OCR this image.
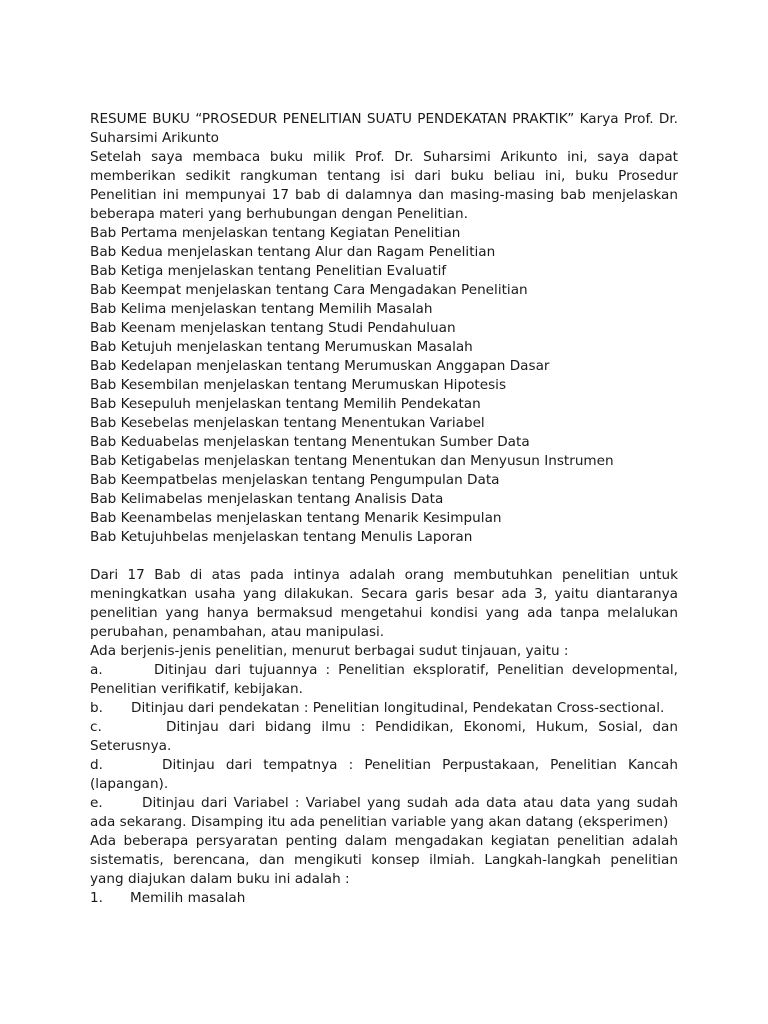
RESUME BUKU “PROSEDUR PENELITIAN SUATU PENDEKATAN PRAKTIK” Karya Prof. Dr. Suharsimi Arikunto

Setelah saya membaca buku milik Prof. Dr. Suharsimi Arikunto ini, saya dapat memberikan sedikit rangkuman tentang isi dari buku beliau ini, buku Prosedur Penelitian ini mempunyai 17 bab di dalamnya dan masing-masing bab menjelaskan beberapa materi yang berhubungan dengan Penelitian.

Bab Pertama menjelaskan tentang Kegiatan Penelitian

Bab Kedua menjelaskan tentang Alur dan Ragam Penelitian

Bab Ketiga menjelaskan tentang Penelitian Evaluatif

Bab Keempat menjelaskan tentang Cara Mengadakan Penelitian

Bab Kelima menjelaskan tentang Memilih Masalah

Bab Keenam menjelaskan tentang Studi Pendahuluan

Bab Ketujuh menjelaskan tentang Merumuskan Masalah

Bab Kedelapan menjelaskan tentang Merumuskan Anggapan Dasar

Bab Kesembilan menjelaskan tentang Merumuskan Hipotesis

Bab Kesepuluh menjelaskan tentang Memilih Pendekatan

Bab Kesebelas menjelaskan tentang Menentukan Variabel

Bab Keduabelas menjelaskan tentang Menentukan Sumber Data

Bab Ketigabelas menjelaskan tentang Menentukan dan Menyusun Instrumen

Bab Keempatbelas menjelaskan tentang Pengumpulan Data

Bab Kelimabelas menjelaskan tentang Analisis Data

Bab Keenambelas menjelaskan tentang Menarik Kesimpulan

Bab Ketujuhbelas menjelaskan tentang Menulis Laporan

Dari 17 Bab di atas pada intinya adalah orang membutuhkan penelitian untuk meningkatkan usaha yang dilakukan. Secara garis besar ada 3, yaitu diantaranya penelitian yang hanya bermaksud mengetahui kondisi yang ada tanpa melalukan perubahan, penambahan, atau manipulasi.

Ada berjenis-jenis penelitian, menurut berbagai sudut tinjauan, yaitu :

a.	Ditinjau dari tujuannya : Penelitian eksploratif, Penelitian developmental, Penelitian verifikatif, kebijakan.

b. Ditinjau dari pendekatan : Penelitian longitudinal, Pendekatan Cross-sectional.

c.	Ditinjau dari bidang ilmu : Pendidikan, Ekonomi, Hukum, Sosial, dan Seterusnya.

d.	Ditinjau dari tempatnya : Penelitian Perpustakaan, Penelitian Kancah (lapangan).

e.	Ditinjau dari Variabel : Variabel yang sudah ada data atau data yang sudah ada sekarang. Disamping itu ada penelitian variable yang akan datang (eksperimen)

Ada beberapa persyaratan penting dalam mengadakan kegiatan penelitian adalah sistematis, berencana, dan mengikuti konsep ilmiah. Langkah-langkah penelitian yang diajukan dalam buku ini adalah :

1. Memilih masalah
